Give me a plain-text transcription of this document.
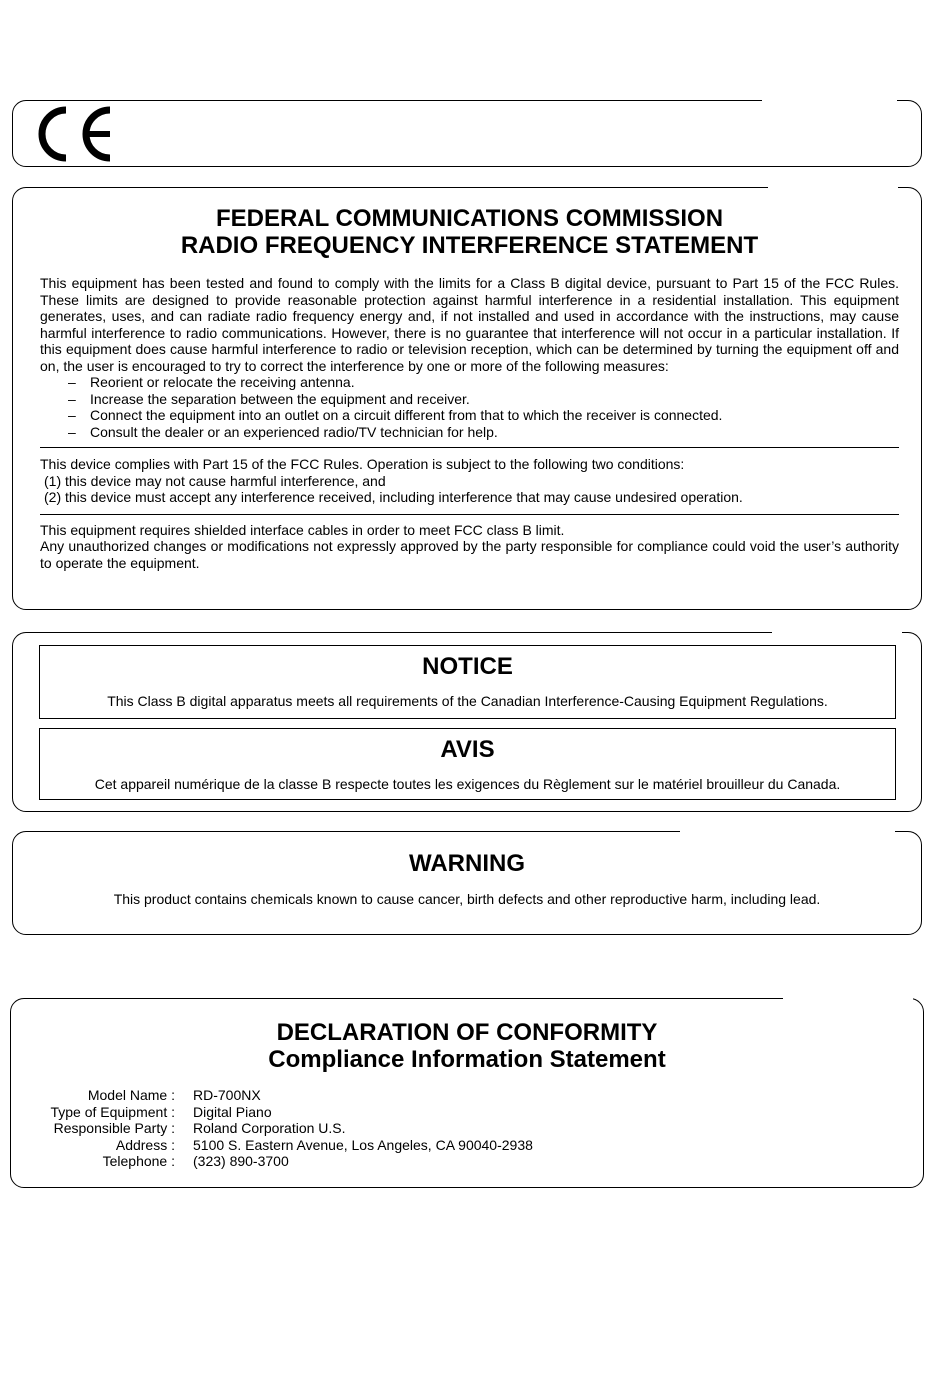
FEDERAL COMMUNICATIONS COMMISSION
RADIO FREQUENCY INTERFERENCE STATEMENT
This equipment has been tested and found to comply with the limits for a Class B digital device, pursuant to Part 15 of the FCC Rules. These limits are designed to provide reasonable protection against harmful interference in a residential installation. This equipment generates, uses, and can radiate radio frequency energy and, if not installed and used in accordance with the instructions, may cause harmful interference to radio communications. However, there is no guarantee that interference will not occur in a particular installation. If this equipment does cause harmful interference to radio or television reception, which can be determined by turning the equipment off and on, the user is encouraged to try to correct the interference by one or more of the following measures:
– Reorient or relocate the receiving antenna.
– Increase the separation between the equipment and receiver.
– Connect the equipment into an outlet on a circuit different from that to which the receiver is connected.
– Consult the dealer or an experienced radio/TV technician for help.
This device complies with Part 15 of the FCC Rules. Operation is subject to the following two conditions:
(1) this device may not cause harmful interference, and
(2) this device must accept any interference received, including interference that may cause undesired operation.
This equipment requires shielded interface cables in order to meet FCC class B limit.
Any unauthorized changes or modifications not expressly approved by the party responsible for compliance could void the user’s authority to operate the equipment.
NOTICE
This Class B digital apparatus meets all requirements of the Canadian Interference-Causing Equipment Regulations.
AVIS
Cet appareil numérique de la classe B respecte toutes les exigences du Règlement sur le matériel brouilleur du Canada.
WARNING
This product contains chemicals known to cause cancer, birth defects and other reproductive harm, including lead.
DECLARATION OF CONFORMITY
Compliance Information Statement
Model Name :	RD-700NX
Type of Equipment :	Digital Piano
Responsible Party :	Roland Corporation U.S.
Address :	5100 S. Eastern Avenue, Los Angeles, CA 90040-2938
Telephone :	(323) 890-3700
